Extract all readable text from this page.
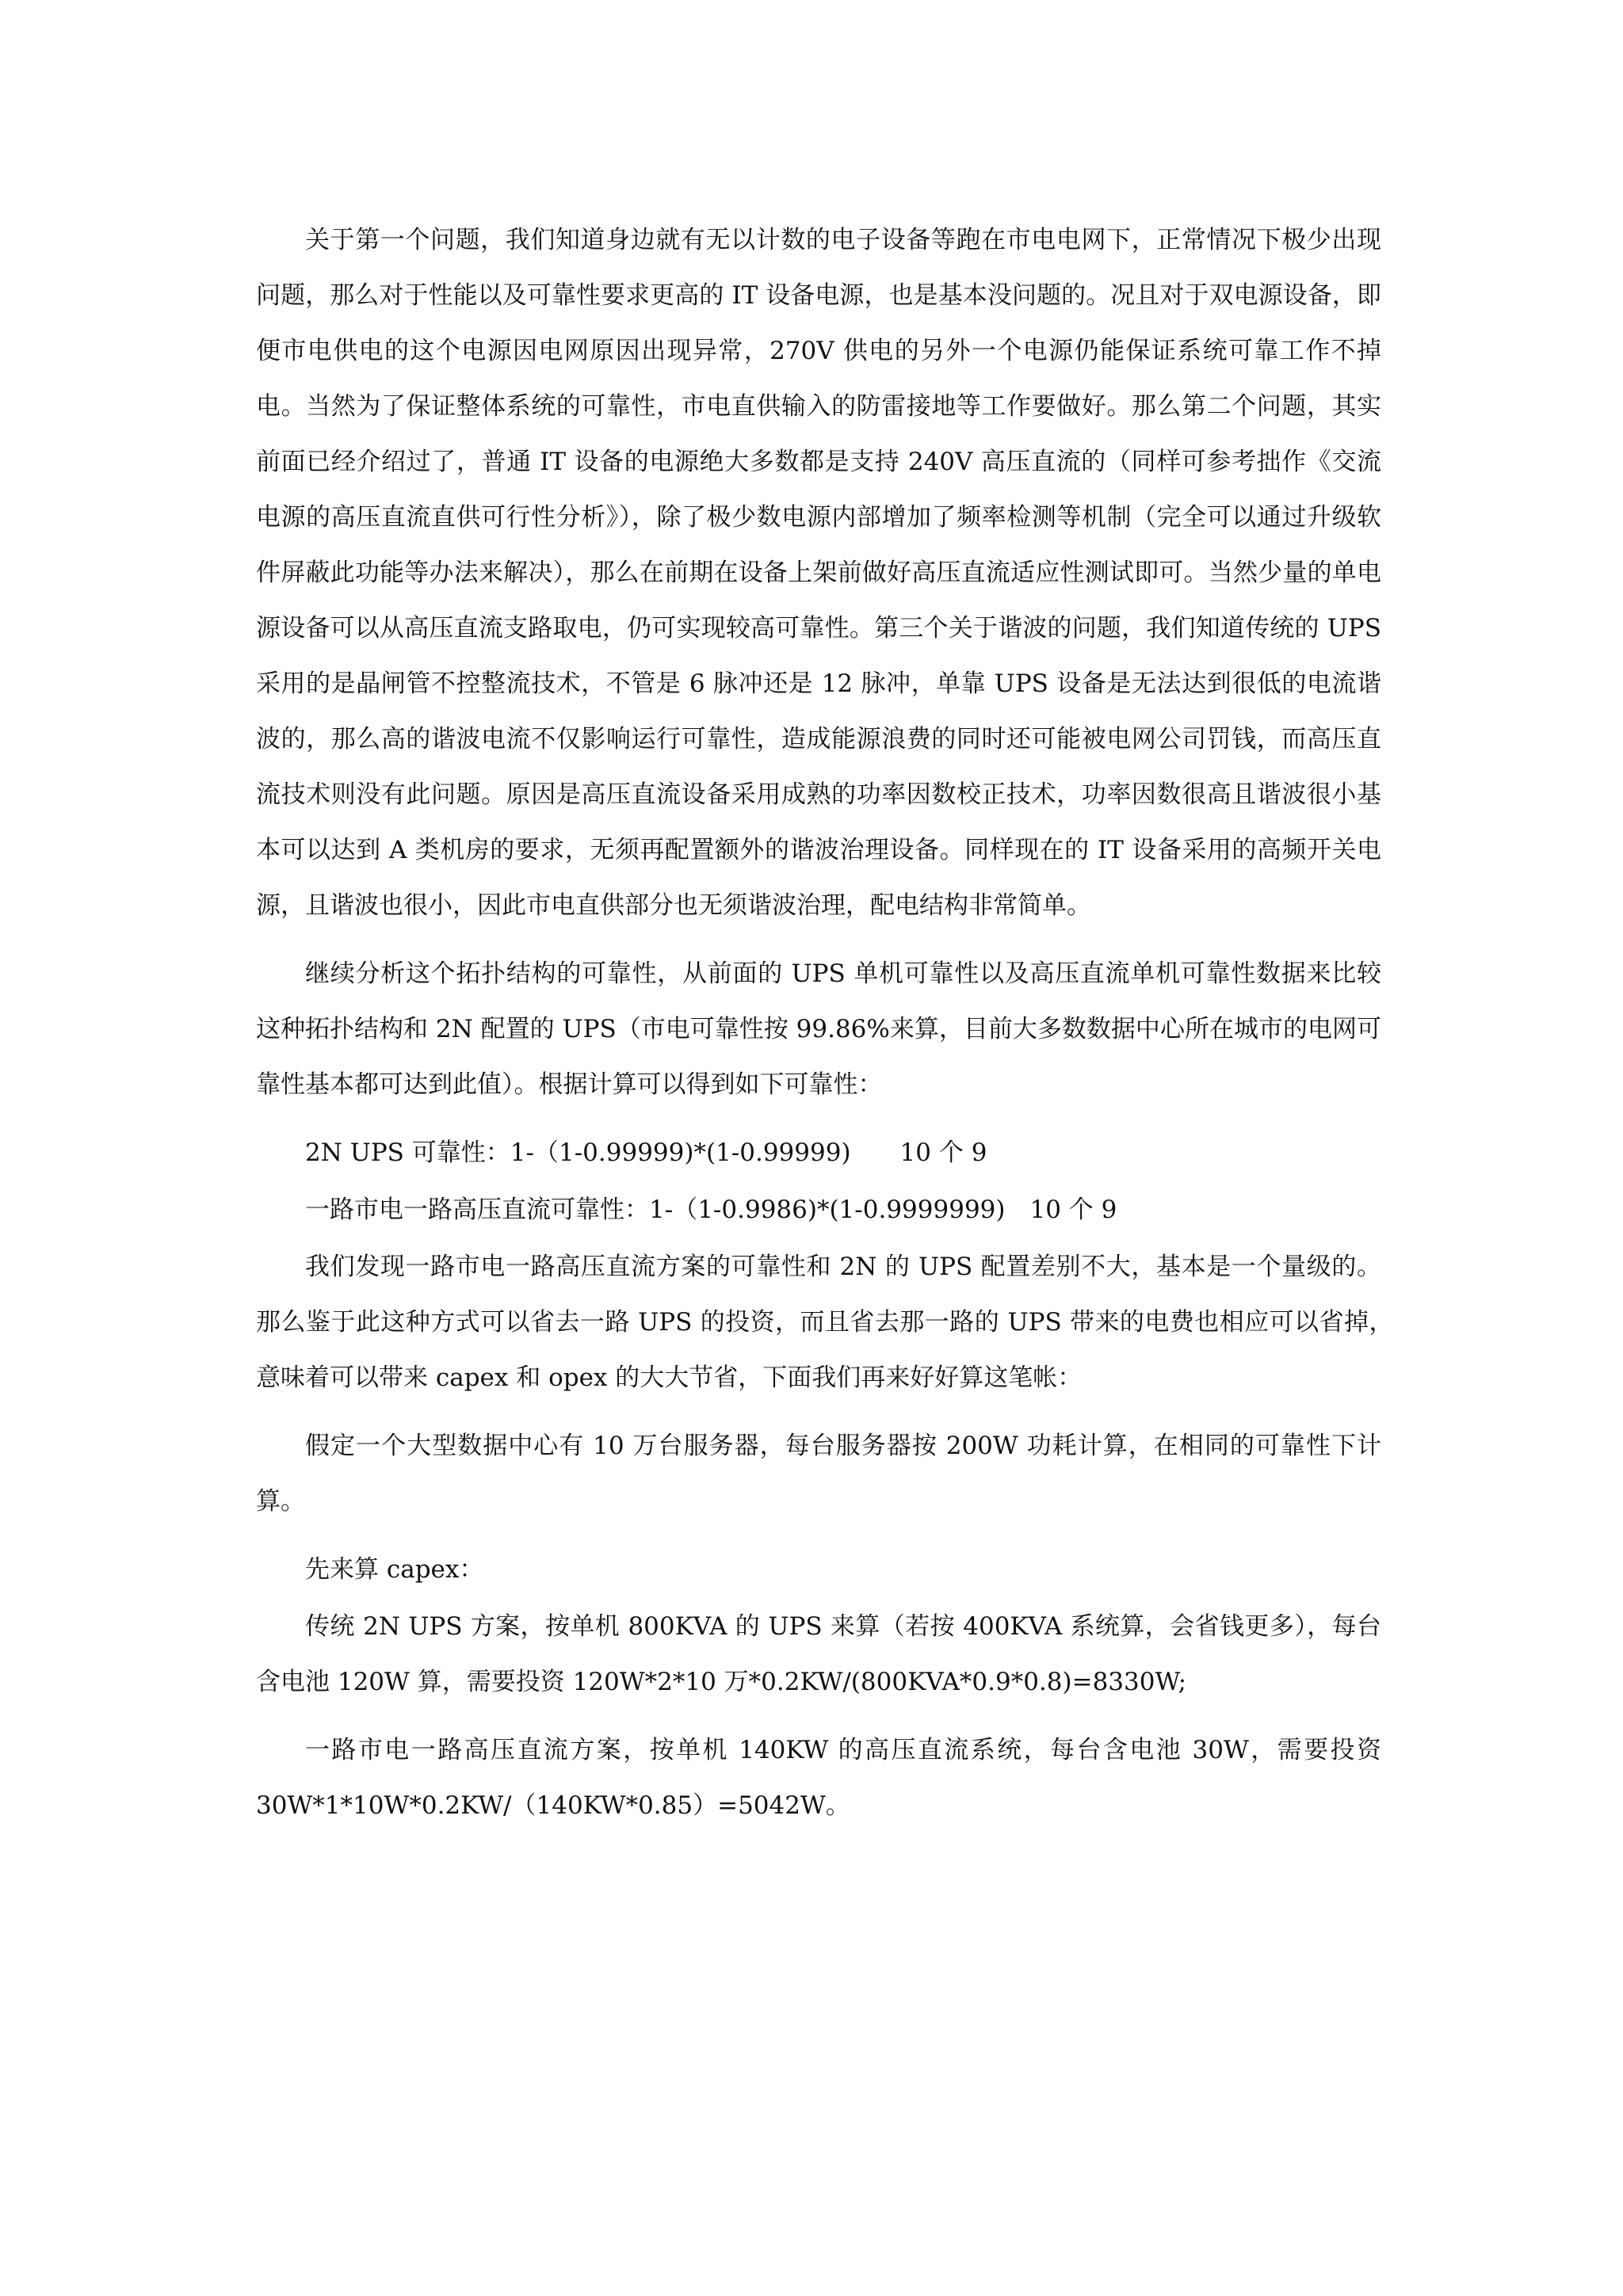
关于第一个问题，我们知道身边就有无以计数的电子设备等跑在市电电网下，正常情况下极少出现问题，那么对于性能以及可靠性要求更高的 IT 设备电源，也是基本没问题的。况且对于双电源设备，即便市电供电的这个电源因电网原因出现异常，270V 供电的另外一个电源仍能保证系统可靠工作不掉电。当然为了保证整体系统的可靠性，市电直供输入的防雷接地等工作要做好。那么第二个问题，其实前面已经介绍过了，普通 IT 设备的电源绝大多数都是支持 240V 高压直流的（同样可参考拙作《交流电源的高压直流直供可行性分析》），除了极少数电源内部增加了频率检测等机制（完全可以通过升级软件屏蔽此功能等办法来解决），那么在前期在设备上架前做好高压直流适应性测试即可。当然少量的单电源设备可以从高压直流支路取电，仍可实现较高可靠性。第三个关于谐波的问题，我们知道传统的 UPS 采用的是晶闸管不控整流技术，不管是 6 脉冲还是 12 脉冲，单靠 UPS 设备是无法达到很低的电流谐波的，那么高的谐波电流不仅影响运行可靠性，造成能源浪费的同时还可能被电网公司罚钱，而高压直流技术则没有此问题。原因是高压直流设备采用成熟的功率因数校正技术，功率因数很高且谐波很小基本可以达到 A 类机房的要求，无须再配置额外的谐波治理设备。同样现在的 IT 设备采用的高频开关电源，且谐波也很小，因此市电直供部分也无须谐波治理，配电结构非常简单。

继续分析这个拓扑结构的可靠性，从前面的 UPS 单机可靠性以及高压直流单机可靠性数据来比较这种拓扑结构和 2N 配置的 UPS（市电可靠性按 99.86%来算，目前大多数数据中心所在城市的电网可靠性基本都可达到此值）。根据计算可以得到如下可靠性：

2N UPS 可靠性：1-（1-0.99999)*(1-0.99999)　　10 个 9

一路市电一路高压直流可靠性：1-（1-0.9986)*(1-0.9999999)　10 个 9

我们发现一路市电一路高压直流方案的可靠性和 2N 的 UPS 配置差别不大，基本是一个量级的。那么鉴于此这种方式可以省去一路 UPS 的投资，而且省去那一路的 UPS 带来的电费也相应可以省掉，　意味着可以带来 capex 和 opex 的大大节省，下面我们再来好好算这笔帐：

假定一个大型数据中心有 10 万台服务器，每台服务器按 200W 功耗计算，在相同的可靠性下计算。

先来算 capex：

传统 2N UPS 方案，按单机 800KVA 的 UPS 来算（若按 400KVA 系统算，会省钱更多），每台含电池 120W 算，需要投资 120W*2*10 万*0.2KW/(800KVA*0.9*0.8)=8330W;

一路市电一路高压直流方案，按单机 140KW 的高压直流系统，每台含电池 30W，需要投资 30W*1*10W*0.2KW/（140KW*0.85）=5042W。
